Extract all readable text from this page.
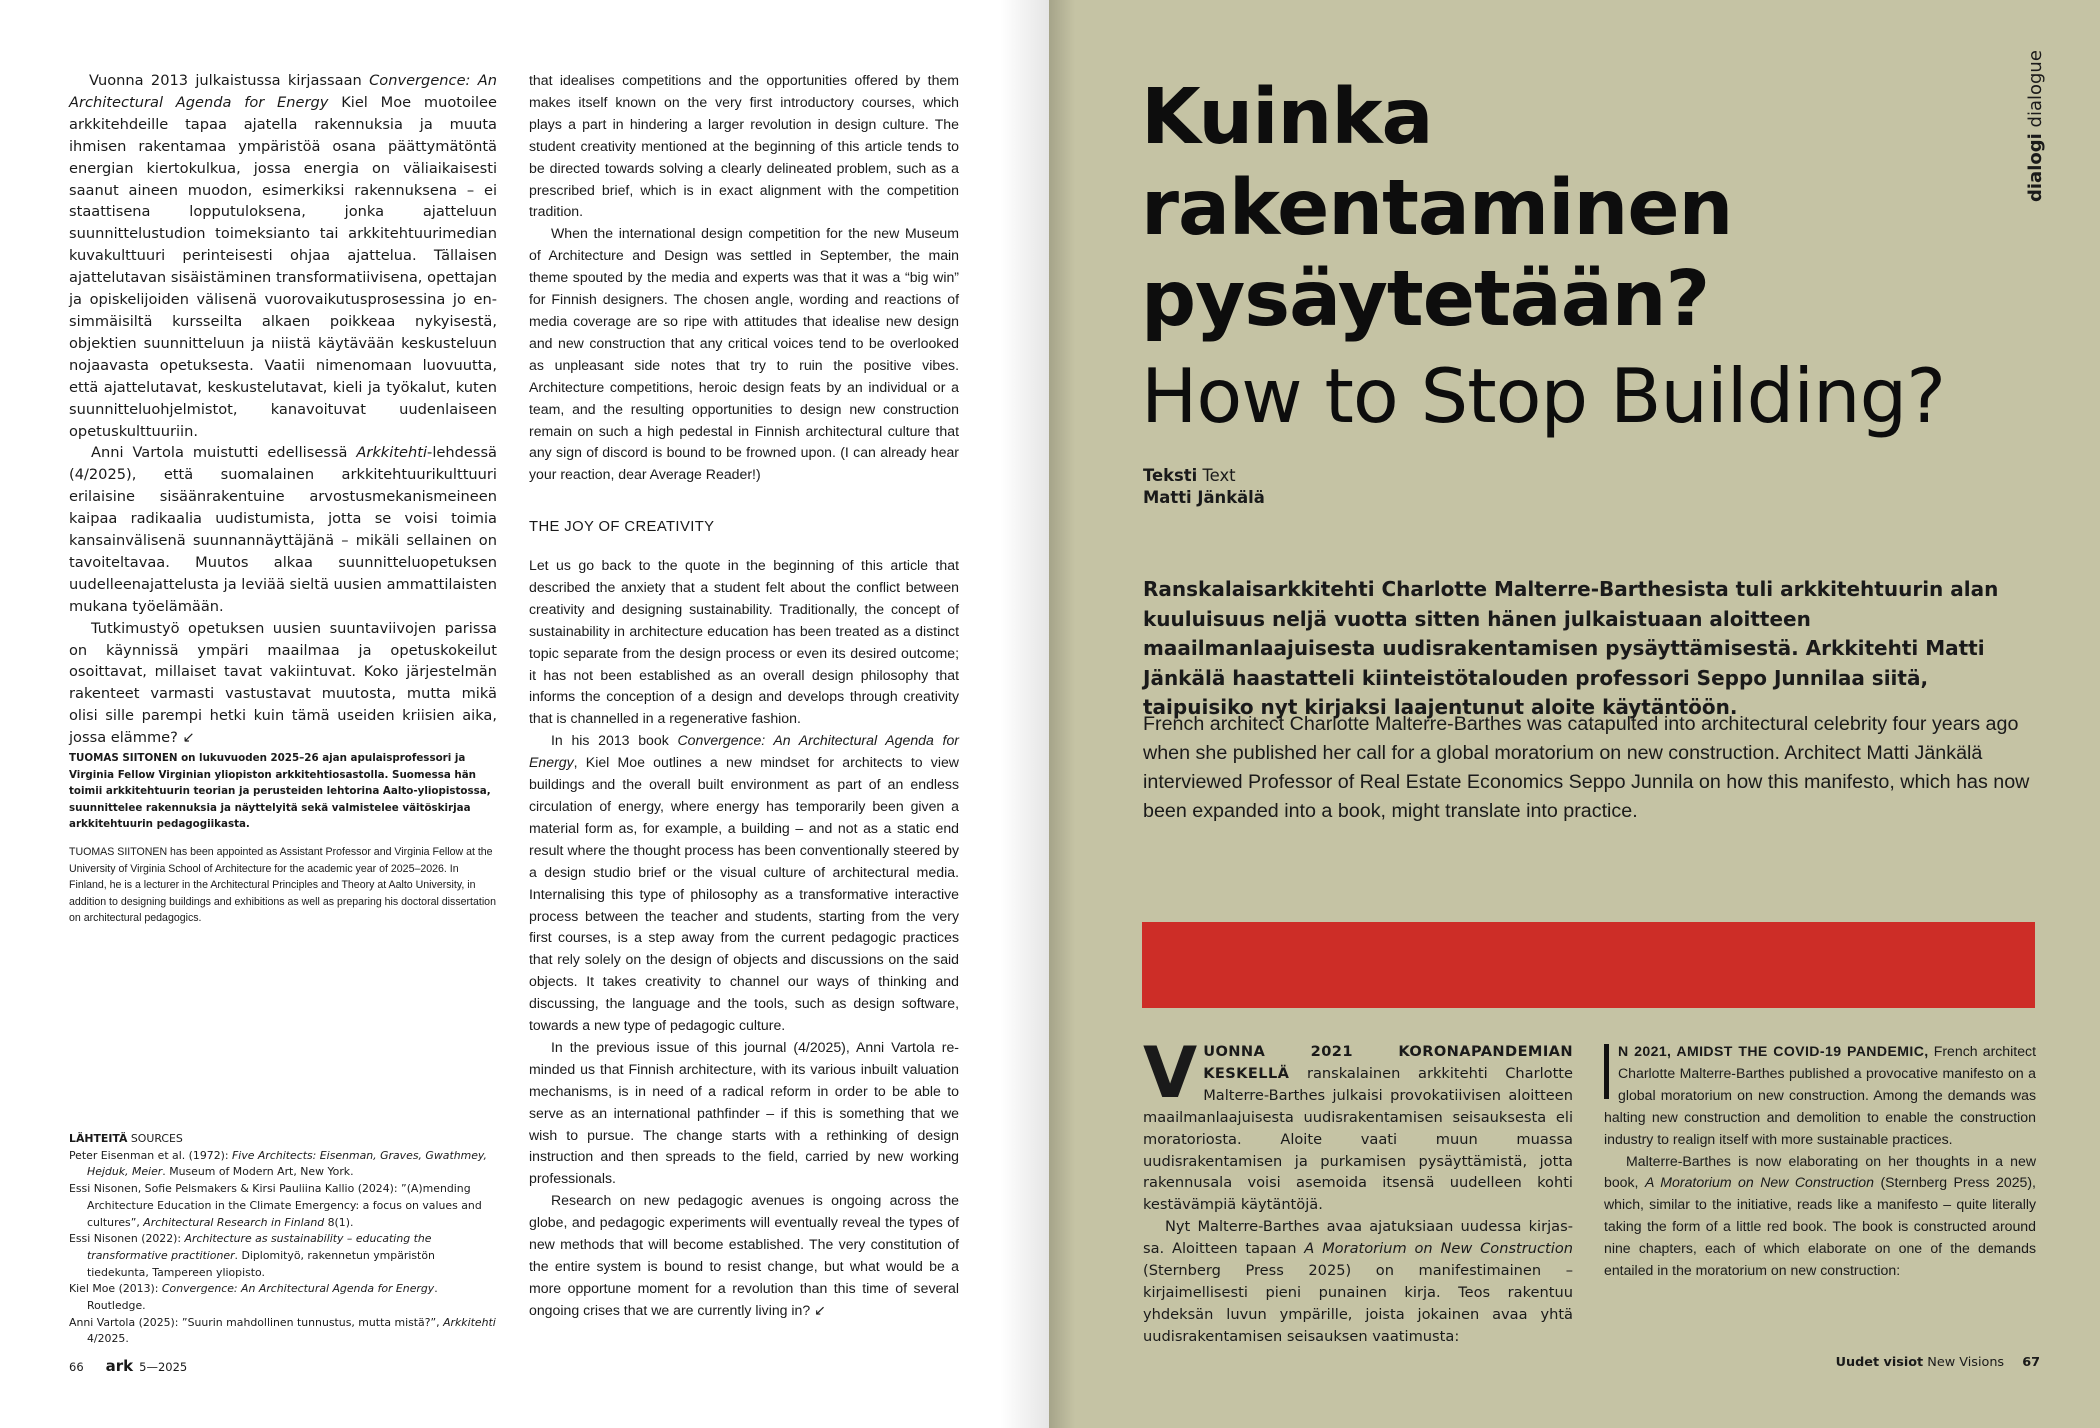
Vuonna 2013 julkaistussa kirjassaan Convergence: An Architectural Agenda for Energy Kiel Moe muotoilee arkkitehdeille tapaa ajatella rakennuksia ja muuta ihmisen rakentamaa ympäristöä osana päättymätöntä energian kiertokulkua, jossa energia on väliaikaisesti saanut aineen muodon, esimerkiksi rakennuksena – ei staattisena lopputuloksena, jonka ajatteluun suunnittelustudion toimeksianto tai arkkitehtuurimedian kuvakulttuuri perinteisesti ohjaa ajattelua. Tällaisen ajattelutavan sisäistäminen transformatiivisena, opettajan ja opiskelijoiden välisenä vuorovaikutusprosessina jo ensimmäisiltä kursseilta alkaen poikkeaa nykyisestä, objektien suunnitteluun ja niistä käytävään keskusteluun nojaavasta opetuksesta. Vaatii nimenomaan luovuutta, että ajattelutavat, keskustelutavat, kieli ja työkalut, kuten suunnitteluohjelmistot, kanavoituvat uudenlaiseen opetuskulttuuriin.

Anni Vartola muistutti edellisessä Arkkitehti-lehdessä (4/2025), että suomalainen arkkitehtuurikulttuuri erilaisine sisäänrakentuine arvostusmekanismeineen kaipaa radikaalia uudistumista, jotta se voisi toimia kansainvälisenä suunnannäyttäjänä – mikäli sellainen on tavoiteltavaa. Muutos alkaa suunnitteluopetuksen uudelleenajattelusta ja leviää sieltä uusien ammattilaisten mukana työelämään.

Tutkimustyö opetuksen uusien suuntaviivojen parissa on käynnissä ympäri maailmaa ja opetuskokeilut osoittavat, millaiset tavat vakiintuvat. Koko järjestelmän rakenteet varmasti vastustavat muutosta, mutta mikä olisi sille parempi hetki kuin tämä useiden kriisien aika, jossa elämme? ↙

TUOMAS SIITONEN on lukuvuoden 2025–26 ajan apulaisprofessori ja Virginia Fellow Virginian yliopiston arkkitehtiosastolla. Suomessa hän toimii arkkitehtuurin teorian ja perusteiden lehtorina Aalto-yliopistossa, suunnittelee rakennuksia ja näyttelyitä sekä valmistelee väitöskirjaa arkkitehtuurin pedagogiikasta.
TUOMAS SIITONEN has been appointed as Assistant Professor and Virginia Fellow at the University of Virginia School of Architecture for the academic year of 2025–2026. In Finland, he is a lecturer in the Architectural Principles and Theory at Aalto University, in addition to designing buildings and exhibitions as well as preparing his doctoral dissertation on architectural pedagogics.
LÄHTEITÄ SOURCES
Peter Eisenman et al. (1972): Five Architects: Eisenman, Graves, Gwathmey, Hejduk, Meier. Museum of Modern Art, New York.
Essi Nisonen, Sofie Pelsmakers & Kirsi Pauliina Kallio (2024): ”(A)mending Architecture Education in the Climate Emergency: a focus on values and cultures”, Architectural Research in Finland 8(1).
Essi Nisonen (2022): Architecture as sustainability – educating the transformative practitioner. Diplomityö, rakennetun ympäristön tiedekunta, Tampereen yliopisto.
Kiel Moe (2013): Convergence: An Architectural Agenda for Energy. Routledge.
Anni Vartola (2025): ”Suurin mahdollinen tunnustus, mutta mistä?”, Arkkitehti 4/2025.

that idealises competitions and the opportunities offered by them makes itself known on the very first introductory courses, which plays a part in hindering a larger revolution in design culture. The student creativity mentioned at the beginning of this article tends to be directed towards solving a clearly delineated problem, such as a prescribed brief, which is in exact alignment with the competition tradition.

When the international design competition for the new Museum of Architecture and Design was settled in September, the main theme spouted by the media and experts was that it was a “big win” for Finnish designers. The chosen angle, wording and reactions of media coverage are so ripe with attitudes that idealise new design and new construction that any critical voices tend to be overlooked as unpleasant side notes that try to ruin the positive vibes. Architecture competitions, heroic design feats by an individual or a team, and the resulting opportunities to design new construction remain on such a high pedestal in Finnish architectural culture that any sign of discord is bound to be frowned upon. (I can already hear your reaction, dear Average Reader!)

THE JOY OF CREATIVITY

Let us go back to the quote in the beginning of this article that described the anxiety that a student felt about the conflict between creativity and designing sustainability. Traditionally, the concept of sustainability in architecture education has been treated as a distinct topic separate from the design process or even its desired outcome; it has not been established as an overall design philosophy that informs the conception of a design and develops through creativity that is channelled in a regenerative fashion.

In his 2013 book Convergence: An Architectural Agenda for Energy, Kiel Moe outlines a new mindset for architects to view buildings and the overall built environment as part of an endless circulation of energy, where energy has temporarily been given a material form as, for example, a building – and not as a static end result where the thought process has been conventionally steered by a design studio brief or the visual culture of architectural media. Internalising this type of philosophy as a transformative interactive process between the teacher and students, starting from the very first courses, is a step away from the current pedagogic practices that rely solely on the design of objects and discussions on the said objects. It takes creativity to channel our ways of thinking and discussing, the language and the tools, such as design software, towards a new type of pedagogic culture.

In the previous issue of this journal (4/2025), Anni Vartola reminded us that Finnish architecture, with its various inbuilt valuation mechanisms, is in need of a radical reform in order to be able to serve as an international pathfinder – if this is something that we wish to pursue. The change starts with a rethinking of design instruction and then spreads to the field, carried by new working professionals.

Research on new pedagogic avenues is ongoing across the globe, and pedagogic experiments will eventually reveal the types of new methods that will become established. The very constitution of the entire system is bound to resist change, but what would be a more opportune moment for a revolution than this time of several ongoing crises that we are currently living in? ↙

66 ark 5—2025
dialogi dialogue
Kuinka
rakentaminen
pysäytetään?
How to Stop Building?
Teksti Text
Matti Jänkälä

Ranskalaisarkkitehti Charlotte Malterre-Barthesista tuli arkkitehtuurin alan kuuluisuus neljä vuotta sitten hänen julkaistuaan aloitteen maailmanlaajuisesta uudisrakentamisen pysäyttämisestä. Arkkitehti Matti Jänkälä haastatteli kiinteistötalouden professori Seppo Junnilaa siitä, taipuisiko nyt kirjaksi laajentunut aloite käytäntöön.

French architect Charlotte Malterre-Barthes was catapulted into architectural celebrity four years ago when she published her call for a global moratorium on new construction. Architect Matti Jänkälä interviewed Professor of Real Estate Economics Seppo Junnila on how this manifesto, which has now been expanded into a book, might translate into practice.

VUONNA 2021 KORONAPANDEMIAN KESKELLÄ ranskalainen arkkitehti Charlotte Malterre-Barthes julkaisi provokatiivisen aloitteen maailmanlaajuisesta uudisrakentamisen seisauksesta eli moratoriosta. Aloite vaati muun muassa uudisrakentamisen ja purkamisen pysäyttämistä, jotta rakennusala voisi asemoida itsensä uudelleen kohti kestävämpiä käytäntöjä.

Nyt Malterre-Barthes avaa ajatuksiaan uudessa kirjassa. Aloitteen tapaan A Moratorium on New Construction (Sternberg Press 2025) on manifestimainen – kirjaimellisesti pieni punainen kirja. Teos rakentuu yhdeksän luvun ympärille, joista jokainen avaa yhtä uudisrakentamisen seisauksen vaatimusta:

N 2021, AMIDST THE COVID-19 PANDEMIC, French architect Charlotte Malterre-Barthes published a provocative manifesto on a global moratorium on new construction. Among the demands was halting new construction and demolition to enable the construction industry to realign itself with more sustainable practices.

Malterre-Barthes is now elaborating on her thoughts in a new book, A Moratorium on New Construction (Sternberg Press 2025), which, similar to the initiative, reads like a manifesto – quite literally taking the form of a little red book. The book is constructed around nine chapters, each of which elaborate on one of the demands entailed in the moratorium on new construction:

Uudet visiot New Visions 67
